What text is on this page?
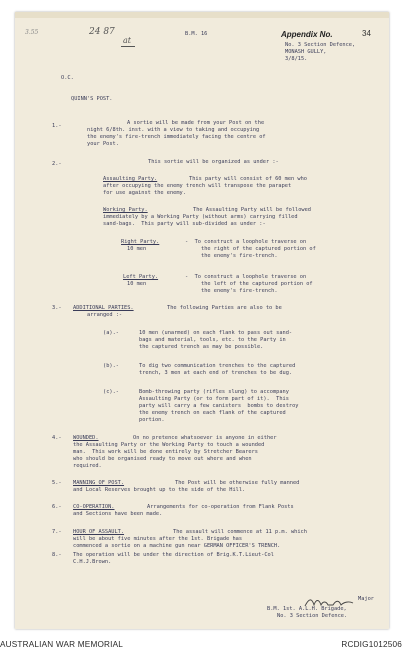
3.55	24 87
at
B.M. 16	Appendix No.	34
No. 3 Section Defence,
MONASH GULLY,
3/8/15.
O.C.
QUINN'S POST.
1.-	A sortie will be made from your Post on the
night 6/8th. inst. with a view to taking and occupying
the enemy's fire-trench immediately facing the centre of
your Post.
2.-	This sortie will be organized as under :-
Assaulting Party.	This party will consist of 60 men who
after occupying the enemy trench will transpose the parapet
for use against the enemy.
Working Party.	The Assaulting Party will be followed
immediately by a Working Party (without arms) carrying filled
sand-bags.  This party will sub-divided as under :-
Right Party.
10 men
-  To construct a loophole traverse on
the right of the captured portion of
the enemy's fire-trench.
Left Party.
10 men
-  To construct a loophole traverse on
the left of the captured portion of
the enemy's fire-trench.
3.- ADDITIONAL PARTIES.	The following Parties are also to be
arranged :-
(a).-	10 men (unarmed) on each flank to pass out sand-
bags and material, tools, etc. to the Party in
the captured trench as may be possible.
(b).-	To dig two communication trenches to the captured
trench, 3 men at each end of trenches to be dug.
(c).-	Bomb-throwing party (rifles slung) to accompany
Assaulting Party (or to form part of it).  This
party will carry a few canisters  bombs to destroy
the enemy trench on each flank of the captured
portion.
4.- WOUNDED.	On no pretence whatsoever is anyone in either
the Assaulting Party or the Working Party to touch a wounded
man.  This work will be done entirely by Stretcher Bearers
who should be organised ready to move out where and when
required.
5.- MANNING OF POST.	The Post will be otherwise fully manned
and Local Reserves brought up to the side of the Hill.
6.- CO-OPERATION.	Arrangements for co-operation from Flank Posts
and Sections have been made.
7.- HOUR OF ASSAULT.	The assault will commence at 11 p.m. which
will be about five minutes after the 1st. Brigade has
commenced a sortie on a machine gun near GERMAN OFFICER'S TRENCH.
8.- The operation will be under the direction of Brig.K.T.Lieut-Col
C.H.J.Brown.
Major
B.M. 1st. A.L.H. Brigade,
No. 3 Section Defence.
AUSTRALIAN WAR MEMORIAL	RCDIG1012506
